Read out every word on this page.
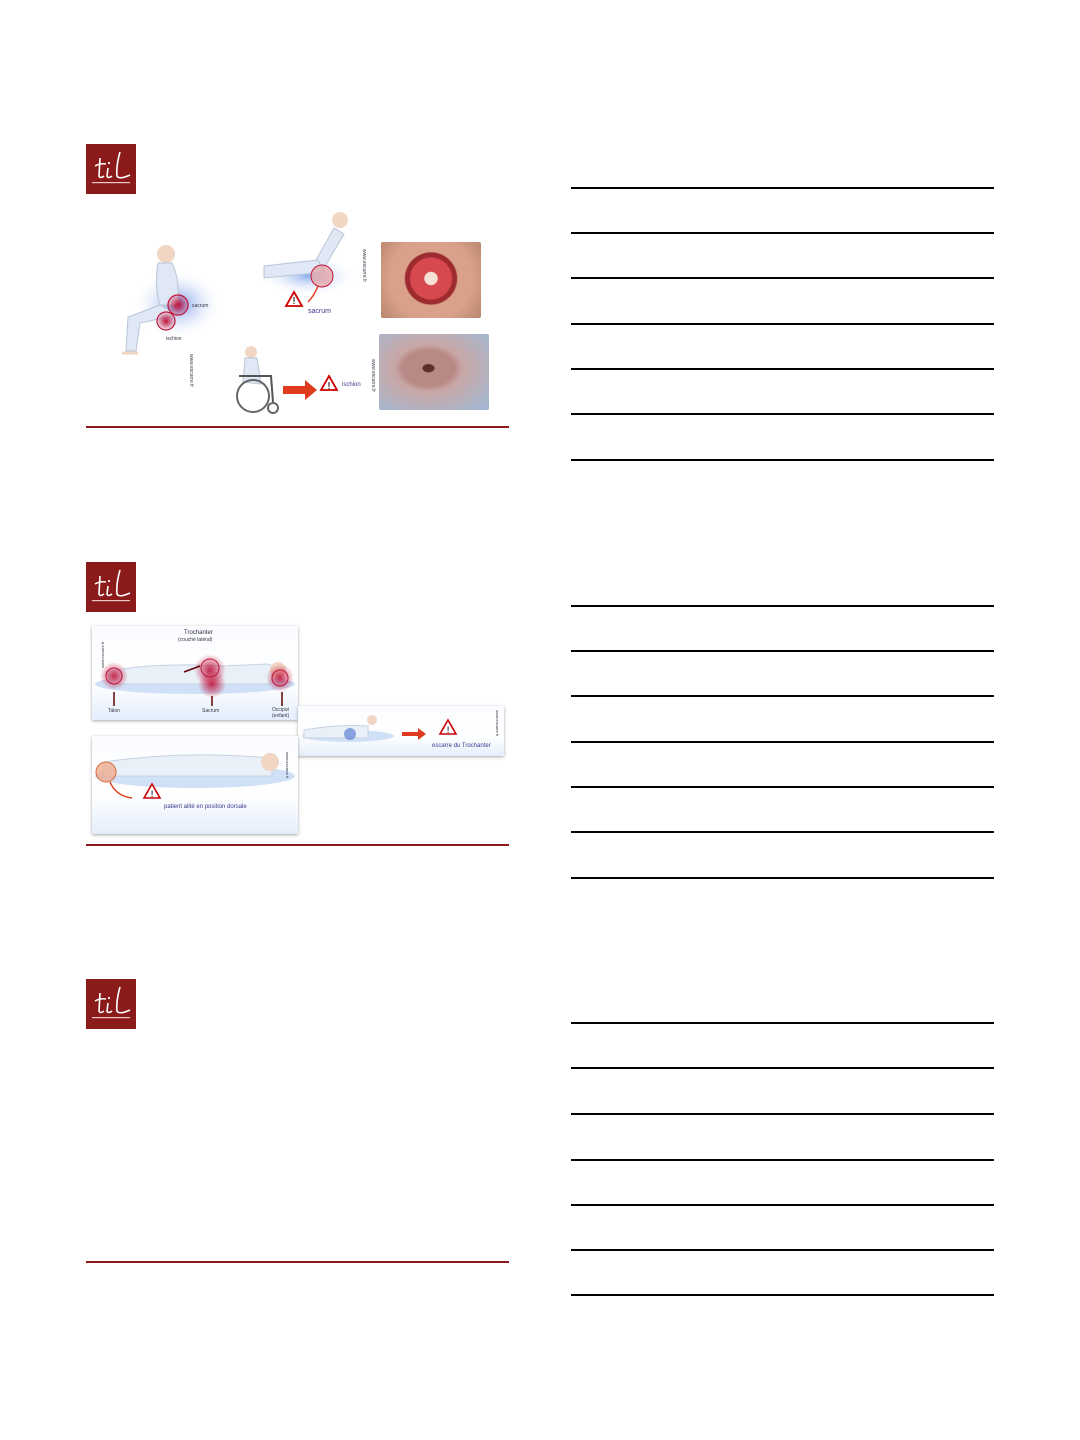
sacrum
ischion
www.escarre.fr
!
sacrum
www.escarre.fr
! ischion www.escarre.fr
Trochanter
(couché latéral)
Talon	Sacrum	Occiput
(enfant)
www.escarre.fr
!
escarre du Trochanter
www.escarre.fr
!
patient alité en position dorsale
www.escarre.fr
